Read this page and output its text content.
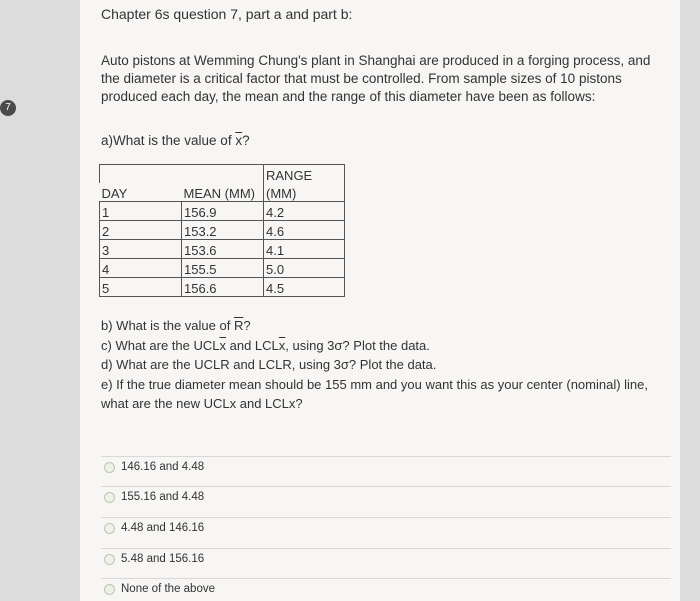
7
Chapter 6s question 7, part a and part b:
Auto pistons at Wemming Chung's plant in Shanghai are produced in a forging process, and the diameter is a critical factor that must be controlled. From sample sizes of 10 pistons produced each day, the mean and the range of this diameter have been as follows:
a)What is the value of $\overline{x}$?
		RANGE
DAY	MEAN (MM)	(MM)
1	156.9	4.2
2	153.2	4.6
3	153.6	4.1
4	155.5	5.0
5	156.6	4.5
b) What is the value of $\overline{R}$?
c) What are the $UCL\overline{x}$ and $LCL\overline{x}$, using 3σ? Plot the data.
d) What are the UCLR and LCLR, using 3σ? Plot the data.
e) If the true diameter mean should be 155 mm and you want this as your center (nominal) line, what are the new UCLx and LCLx?
146.16 and 4.48
155.16 and 4.48
4.48 and 146.16
5.48 and 156.16
None of the above
